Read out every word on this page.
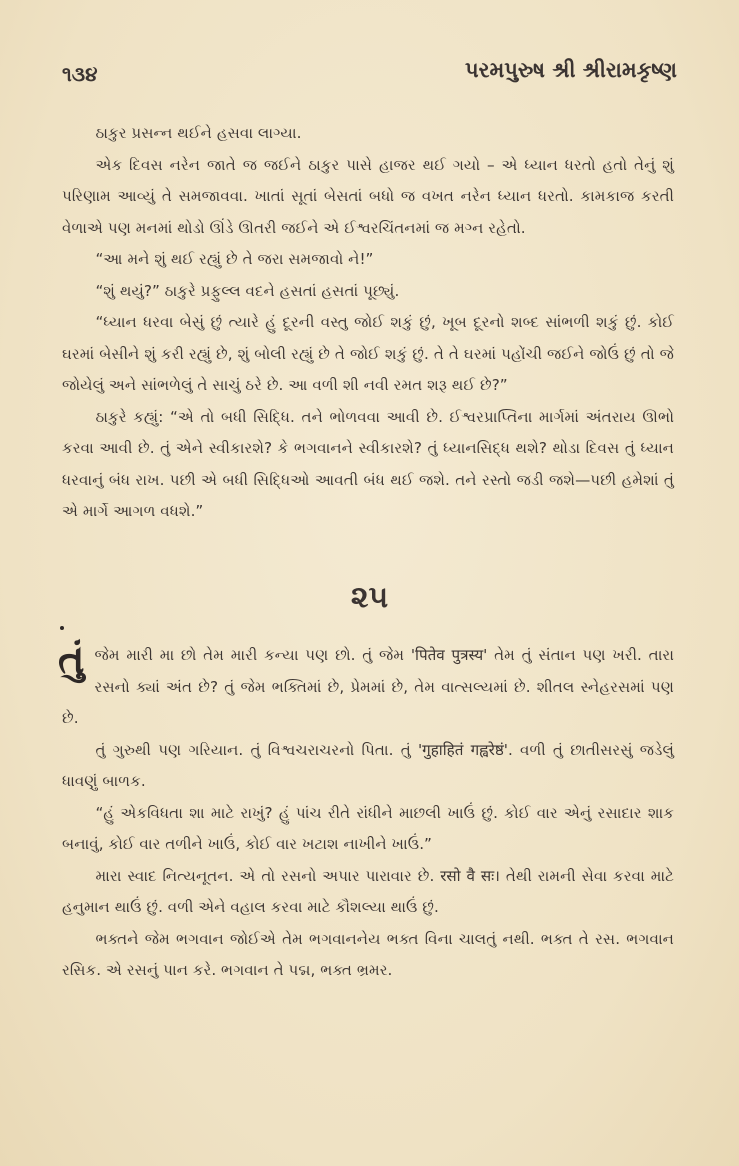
૧૩૪	પરમપુરુષ શ્રી શ્રીરામકૃષ્ણ

ઠાકુર પ્રસન્ન થઈને હસવા લાગ્યા.

એક દિવસ નરેન જાતે જ જઈને ઠાકુર પાસે હાજર થઈ ગયો – એ ધ્યાન ધરતો હતો તેનું શું પરિણામ આવ્યું તે સમજાવવા. ખાતાં સૂતાં બેસતાં બધો જ વખત નરેન ધ્યાન ધરતો. કામકાજ કરતી વેળાએ પણ મનમાં થોડો ઊંડે ઊતરી જઈને એ ઈશ્વરચિંતનમાં જ મગ્ન રહેતો.

“આ મને શું થઈ રહ્યું છે તે જરા સમજાવો ને!”

“શું થયું?” ઠાકુરે પ્રફુલ્લ વદને હસતાં હસતાં પૂછ્યું.

“ધ્યાન ધરવા બેસું છું ત્યારે હું દૂરની વસ્તુ જોઈ શકું છું, ખૂબ દૂરનો શબ્દ સાંભળી શકું છું. કોઈ ઘરમાં બેસીને શું કરી રહ્યું છે, શું બોલી રહ્યું છે તે જોઈ શકું છું. તે તે ઘરમાં પહોંચી જઈને જોઉં છું તો જે જોયેલું અને સાંભળેલું તે સાચું ઠરે છે. આ વળી શી નવી રમત શરૂ થઈ છે?”

ઠાકુરે કહ્યું: “એ તો બધી સિદ્ધિ. તને ભોળવવા આવી છે. ઈશ્વરપ્રાપ્તિના માર્ગમાં અંતરાય ઊભો કરવા આવી છે. તું એને સ્વીકારશે? કે ભગવાનને સ્વીકારશે? તું ધ્યાનસિદ્ધ થશે? થોડા દિવસ તું ધ્યાન ધરવાનું બંધ રાખ. પછી એ બધી સિદ્ધિઓ આવતી બંધ થઈ જશે. તને રસ્તો જડી જશે—પછી હમેશાં તું એ માર્ગે આગળ વધશે.”

૨૫

તુંજેમ મારી મા છો તેમ મારી કન્યા પણ છો. તું જેમ 'पितेव पुत्रस्य' તેમ તું સંતાન પણ ખરી. તારા રસનો ક્યાં અંત છે? તું જેમ ભક્તિમાં છે, પ્રેમમાં છે, તેમ વાત્સલ્યમાં છે. શીતલ સ્નેહરસમાં પણ છે.

તું ગુરુથી પણ ગરિયાન. તું વિશ્વચરાચરનો પિતા. તું 'गुहाहितं गह्वरेष्ठं'. વળી તું છાતીસરસું જડેલું ધાવણું બાળક.

“હું એકવિધતા શા માટે રાખું? હું પાંચ રીતે રાંધીને માછલી ખાઉં છું. કોઈ વાર એનું રસાદાર શાક બનાવું, કોઈ વાર તળીને ખાઉં, કોઈ વાર ખટાશ નાખીને ખાઉં.”

મારા સ્વાદ નિત્યનૂતન. એ તો રસનો અપાર પારાવાર છે. रसो वै सः। તેથી રામની સેવા કરવા માટે હનુમાન થાઉં છું. વળી એને વહાલ કરવા માટે કૌશલ્યા થાઉં છું.

ભક્તને જેમ ભગવાન જોઈએ તેમ ભગવાનનેય ભક્ત વિના ચાલતું નથી. ભક્ત તે રસ. ભગવાન રસિક. એ રસનું પાન કરે. ભગવાન તે પદ્મ, ભક્ત ભ્રમર.
